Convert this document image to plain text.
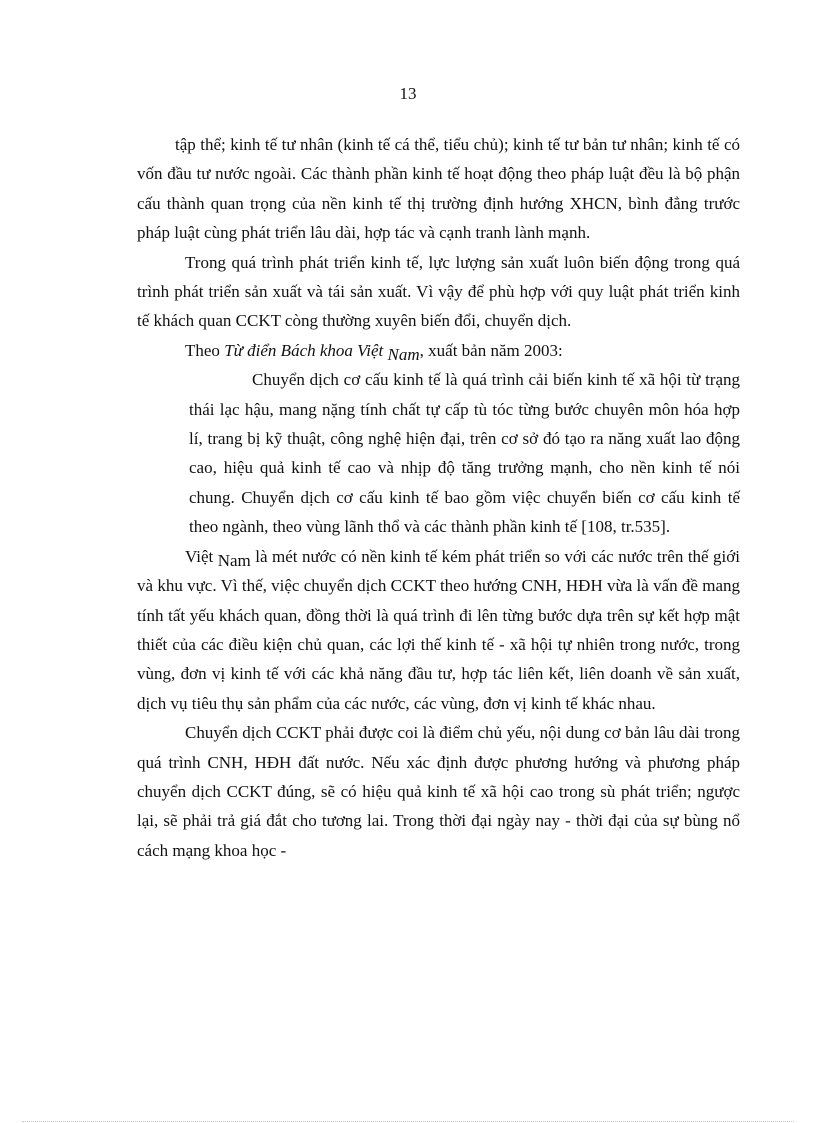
13

tập thể; kinh tế tư nhân (kinh tế cá thể, tiểu chủ); kinh tế tư bản tư nhân; kinh tế có vốn đầu tư nước ngoài. Các thành phần kinh tế hoạt động theo pháp luật đều là bộ phận cấu thành quan trọng của nền kinh tế thị trường định hướng XHCN, bình đẳng trước pháp luật cùng phát triển lâu dài, hợp tác và cạnh tranh lành mạnh.

Trong quá trình phát triển kinh tế, lực lượng sản xuất luôn biến động trong quá trình phát triển sản xuất và tái sản xuất. Vì vậy để phù hợp với quy luật phát triển kinh tế khách quan CCKT còng thường xuyên biến đổi, chuyển dịch.

Theo Từ điển Bách khoa Việt Nam, xuất bản năm 2003:

Chuyển dịch cơ cấu kinh tế là quá trình cải biến kinh tế xã hội từ trạng thái lạc hậu, mang nặng tính chất tự cấp tù tóc từng bước chuyên môn hóa hợp lí, trang bị kỹ thuật, công nghệ hiện đại, trên cơ sở đó tạo ra năng xuất lao động cao, hiệu quả kinh tế cao và nhịp độ tăng trưởng mạnh, cho nền kinh tế nói chung. Chuyển dịch cơ cấu kinh tế bao gồm việc chuyển biến cơ cấu kinh tế theo ngành, theo vùng lãnh thổ và các thành phần kinh tế [108, tr.535].

Việt Nam là mét nước có nền kinh tế kém phát triển so với các nước trên thế giới và khu vực. Vì thế, việc chuyển dịch CCKT theo hướng CNH, HĐH vừa là vấn đề mang tính tất yếu khách quan, đồng thời là quá trình đi lên từng bước dựa trên sự kết hợp mật thiết của các điều kiện chủ quan, các lợi thế kinh tế - xã hội tự nhiên trong nước, trong vùng, đơn vị kinh tế với các khả năng đầu tư, hợp tác liên kết, liên doanh về sản xuất, dịch vụ tiêu thụ sản phẩm của các nước, các vùng, đơn vị kinh tế khác nhau.

Chuyển dịch CCKT phải được coi là điểm chủ yếu, nội dung cơ bản lâu dài trong quá trình CNH, HĐH đất nước. Nếu xác định được phương hướng và phương pháp chuyển dịch CCKT đúng, sẽ có hiệu quả kinh tế xã hội cao trong sù phát triển; ngược lại, sẽ phải trả giá đắt cho tương lai. Trong thời đại ngày nay - thời đại của sự bùng nổ cách mạng khoa học -
